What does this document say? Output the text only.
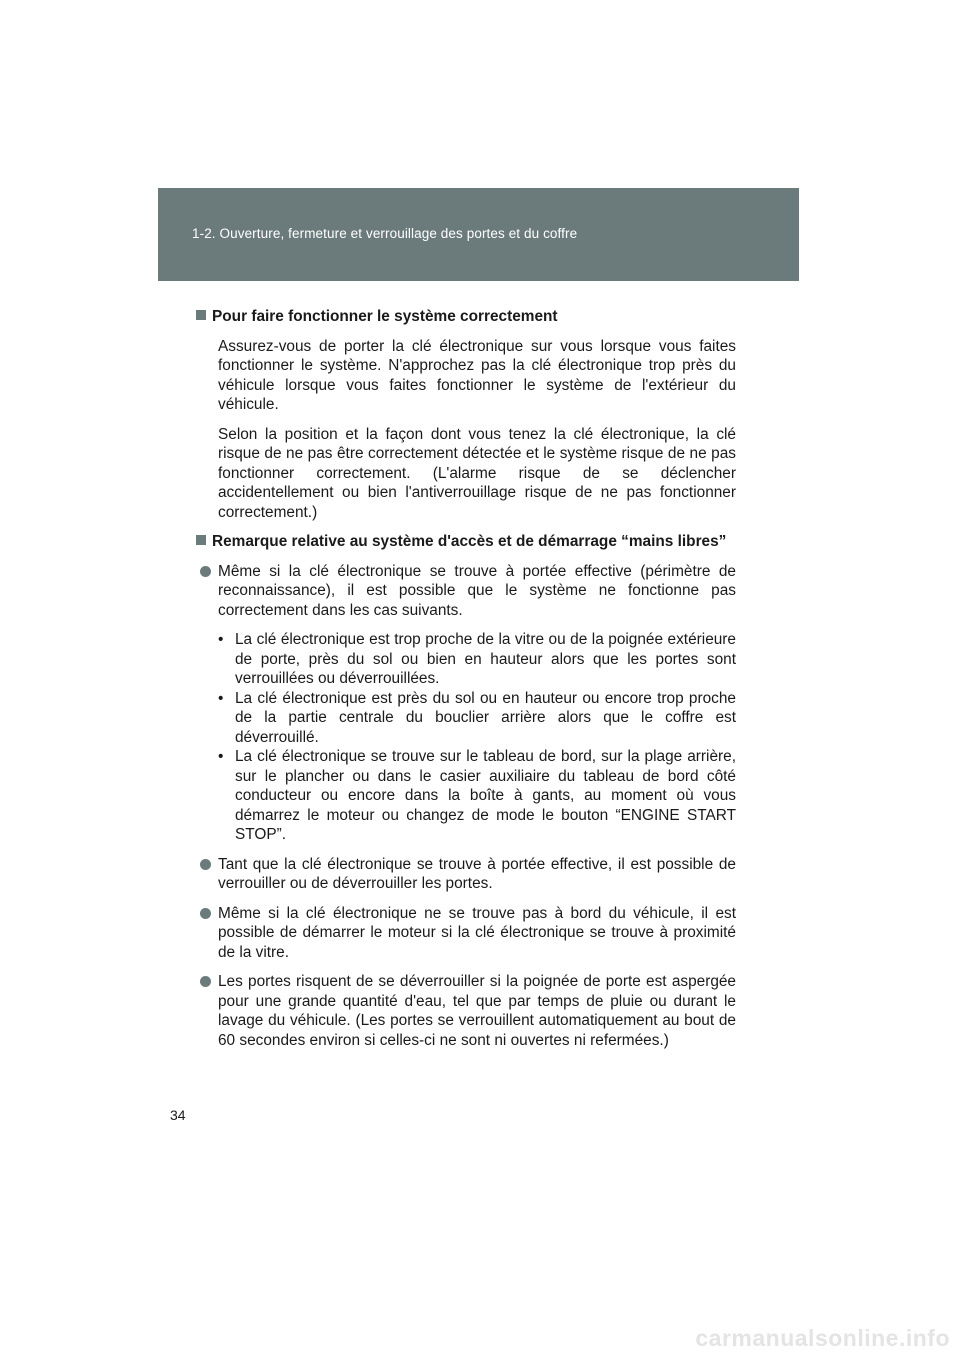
1-2. Ouverture, fermeture et verrouillage des portes et du coffre
Pour faire fonctionner le système correctement

Assurez-vous de porter la clé électronique sur vous lorsque vous faites fonctionner le système. N'approchez pas la clé électronique trop près du véhicule lorsque vous faites fonctionner le système de l'extérieur du véhicule.

Selon la position et la façon dont vous tenez la clé électronique, la clé risque de ne pas être correctement détectée et le système risque de ne pas fonctionner correctement. (L'alarme risque de se déclencher accidentellement ou bien l'antiverrouillage risque de ne pas fonctionner correctement.)

Remarque relative au système d'accès et de démarrage “mains libres”
Même si la clé électronique se trouve à portée effective (périmètre de reconnaissance), il est possible que le système ne fonctionne pas correctement dans les cas suivants.
• La clé électronique est trop proche de la vitre ou de la poignée extérieure de porte, près du sol ou bien en hauteur alors que les portes sont verrouillées ou déverrouillées.
• La clé électronique est près du sol ou en hauteur ou encore trop proche de la partie centrale du bouclier arrière alors que le coffre est déverrouillé.
• La clé électronique se trouve sur le tableau de bord, sur la plage arrière, sur le plancher ou dans le casier auxiliaire du tableau de bord côté conducteur ou encore dans la boîte à gants, au moment où vous démarrez le moteur ou changez de mode le bouton “ENGINE START STOP”.
Tant que la clé électronique se trouve à portée effective, il est possible de verrouiller ou de déverrouiller les portes.
Même si la clé électronique ne se trouve pas à bord du véhicule, il est possible de démarrer le moteur si la clé électronique se trouve à proximité de la vitre.
Les portes risquent de se déverrouiller si la poignée de porte est aspergée pour une grande quantité d'eau, tel que par temps de pluie ou durant le lavage du véhicule. (Les portes se verrouillent automatiquement au bout de 60 secondes environ si celles-ci ne sont ni ouvertes ni refermées.)
34
carmanualsonline.info
